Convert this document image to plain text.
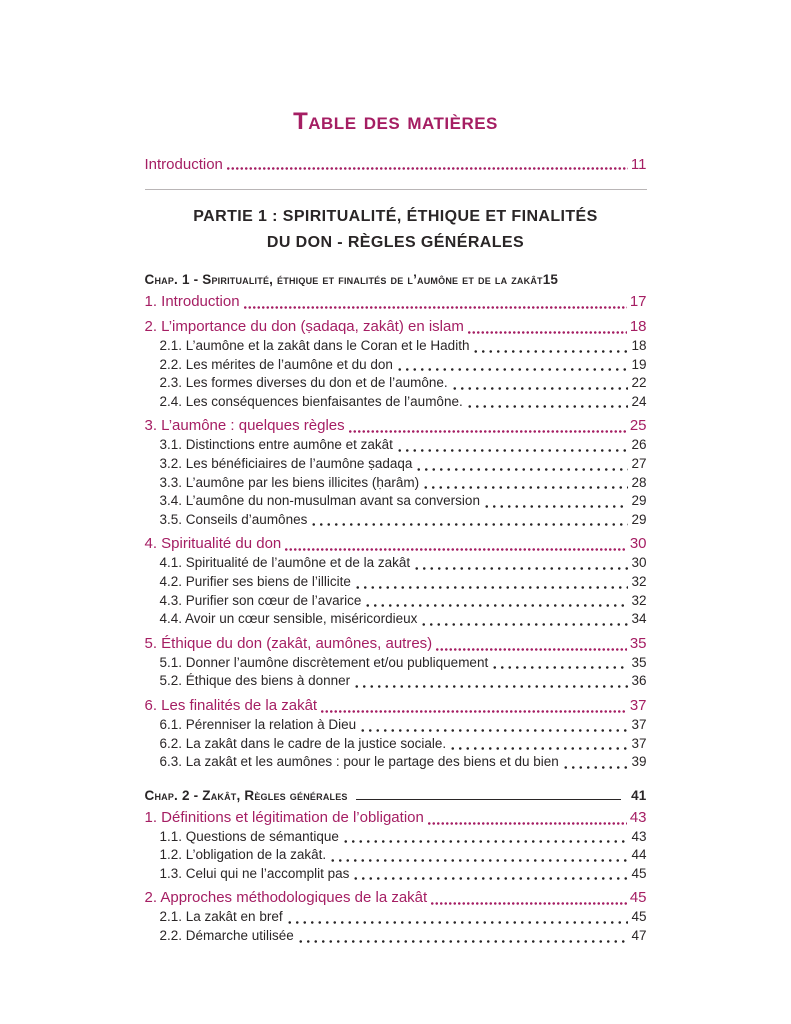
Table des matières
Introduction	11
PARTIE 1 : SPIRITUALITÉ, ÉTHIQUE ET FINALITÉS
DU DON - RÈGLES GÉNÉRALES
Chap. 1 - Spiritualité, éthique et finalités de l’aumône et de la zakât 15
1. Introduction	17
2. L’importance du don (ṣadaqa, zakât) en islam	18
2.1. L’aumône et la zakât dans le Coran et le Hadith	18
2.2. Les mérites de l’aumône et du don	19
2.3. Les formes diverses du don et de l’aumône.	22
2.4. Les conséquences bienfaisantes de l’aumône.	24
3. L’aumône : quelques règles	25
3.1. Distinctions entre aumône et zakât	26
3.2. Les bénéficiaires de l’aumône ṣadaqa	27
3.3. L’aumône par les biens illicites (ḥarâm)	28
3.4. L’aumône du non-musulman avant sa conversion	29
3.5. Conseils d’aumônes	29
4. Spiritualité du don	30
4.1. Spiritualité de l’aumône et de la zakât	30
4.2. Purifier ses biens de l’illicite	32
4.3. Purifier son cœur de l’avarice	32
4.4. Avoir un cœur sensible, miséricordieux	34
5. Éthique du don (zakât, aumônes, autres)	35
5.1. Donner l’aumône discrètement et/ou publiquement	35
5.2. Éthique des biens à donner	36
6. Les finalités de la zakât	37
6.1. Pérenniser la relation à Dieu	37
6.2. La zakât dans le cadre de la justice sociale.	37
6.3. La zakât et les aumônes : pour le partage des biens et du bien	39
Chap. 2 - Zakât, Règles générales	41
1. Définitions et légitimation de l’obligation	43
1.1. Questions de sémantique	43
1.2. L’obligation de la zakât.	44
1.3. Celui qui ne l’accomplit pas	45
2. Approches méthodologiques de la zakât	45
2.1. La zakât en bref	45
2.2. Démarche utilisée	47
